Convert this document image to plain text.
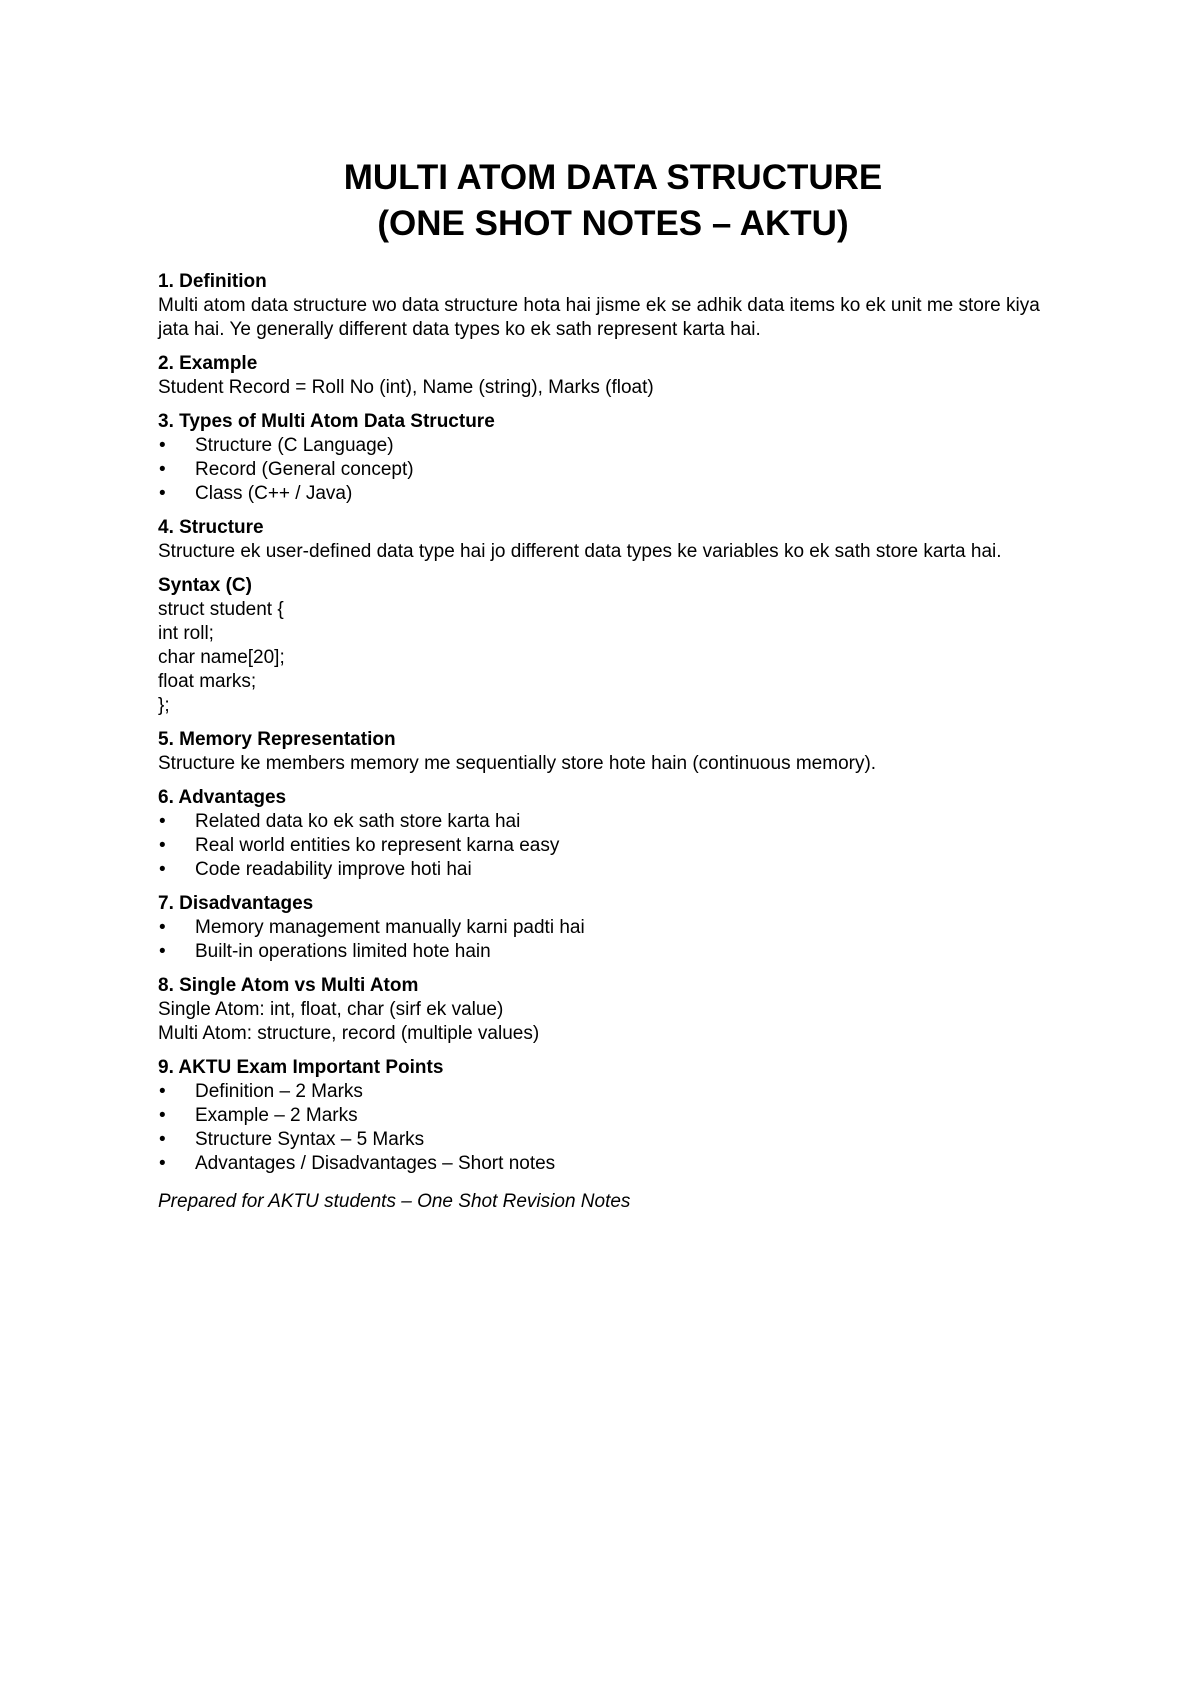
MULTI ATOM DATA STRUCTURE
(ONE SHOT NOTES – AKTU)
1. Definition
Multi atom data structure wo data structure hota hai jisme ek se adhik data items ko ek unit me store kiya jata hai. Ye generally different data types ko ek sath represent karta hai.
2. Example
Student Record = Roll No (int), Name (string), Marks (float)
3. Types of Multi Atom Data Structure
• Structure (C Language)
• Record (General concept)
• Class (C++ / Java)
4. Structure
Structure ek user-defined data type hai jo different data types ke variables ko ek sath store karta hai.
Syntax (C)
struct student {
int roll;
char name[20];
float marks;
};
5. Memory Representation
Structure ke members memory me sequentially store hote hain (continuous memory).
6. Advantages
• Related data ko ek sath store karta hai
• Real world entities ko represent karna easy
• Code readability improve hoti hai
7. Disadvantages
• Memory management manually karni padti hai
• Built-in operations limited hote hain
8. Single Atom vs Multi Atom
Single Atom: int, float, char (sirf ek value)
Multi Atom: structure, record (multiple values)
9. AKTU Exam Important Points
• Definition – 2 Marks
• Example – 2 Marks
• Structure Syntax – 5 Marks
• Advantages / Disadvantages – Short notes
Prepared for AKTU students – One Shot Revision Notes
